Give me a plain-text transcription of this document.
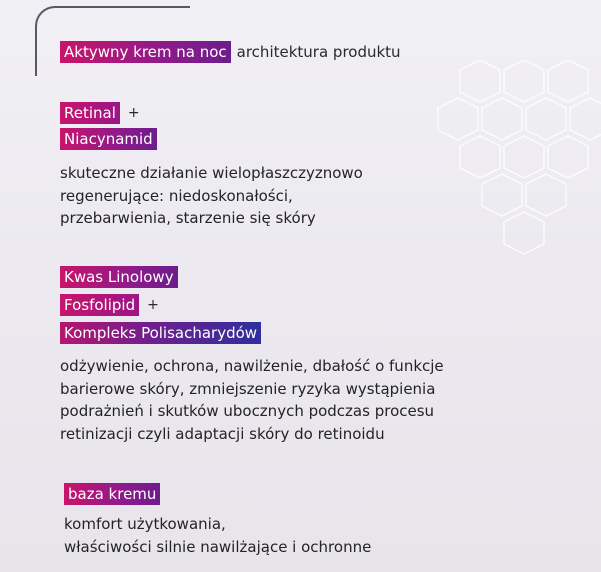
Aktywny krem na noc architektura produktu
Retinal +
Niacynamid
skuteczne działanie wielopłaszczyznowo
regenerujące: niedoskonałości,
przebarwienia, starzenie się skóry
Kwas Linolowy
Fosfolipid +
Kompleks Polisacharydów
odżywienie, ochrona, nawilżenie, dbałość o funkcje
barierowe skóry, zmniejszenie ryzyka wystąpienia
podrażnień i skutków ubocznych podczas procesu
retinizacji czyli adaptacji skóry do retinoidu
baza kremu
komfort użytkowania,
właściwości silnie nawilżające i ochronne
